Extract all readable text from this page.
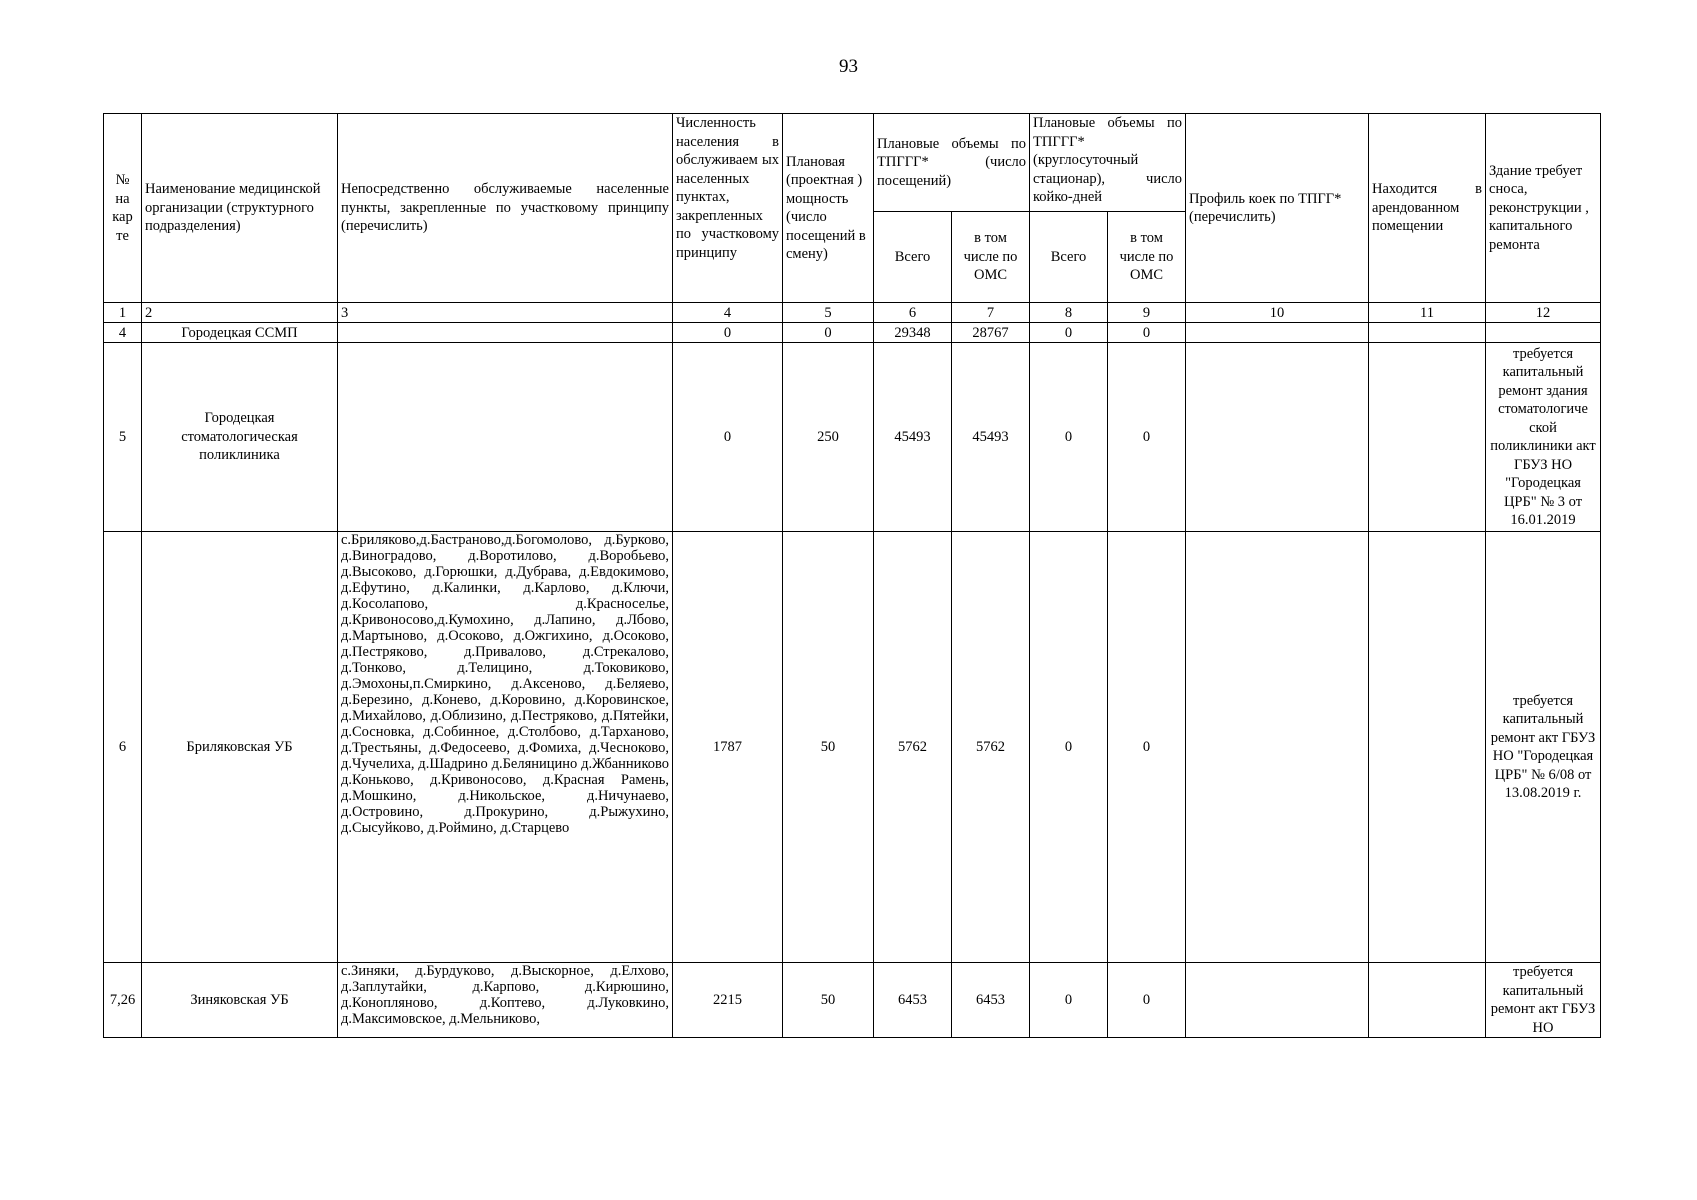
93
№ на кар те	Наименование медицинской организации (структурного подразделения)	Непосредственно обслуживаемые населенные пункты, закрепленные по участковому принципу (перечислить)	Численность населения в обслуживаем ых населенных пунктах, закрепленных по участковому принципу	Плановая (проектная ) мощность (число посещений в смену)	Плановые объемы по ТПГГГ* (число посещений)		Плановые объемы по ТПГГГ* (круглосуточный стационар), число койко-дней		Профиль коек по ТПГГ* (перечислить)	Находится в арендованном помещении	Здание требует сноса, реконструкции , капитального ремонта
					Всего	в том числе по ОМС	Всего	в том числе по ОМС			
1	2	3	4	5	6	7	8	9	10	11	12
4	Городецкая ССМП		0	0	29348	28767	0	0			
5	Городецкая стоматологическая поликлиника		0	250	45493	45493	0	0			требуется капитальный ремонт здания стоматологиче ской поликлиники акт ГБУЗ НО "Городецкая ЦРБ" № 3 от 16.01.2019
6	Бриляковская УБ	с.Бриляково,д.Бастраново,д.Богомолово, д.Бурково, д.Виноградово, д.Воротилово, д.Воробьево, д.Высоково, д.Горюшки, д.Дубрава, д.Евдокимово, д.Ефутино, д.Калинки, д.Карлово, д.Ключи, д.Косолапово, д.Красноселье, д.Кривоносово,д.Кумохино, д.Лапино, д.Лбово, д.Мартыново, д.Осоково, д.Ожгихино, д.Осоково, д.Пестряково, д.Привалово, д.Стрекалово, д.Тонково, д.Телицино, д.Токовиково, д.Эмохоны,п.Смиркино, д.Аксеново, д.Беляево, д.Березино, д.Конево, д.Коровино, д.Коровинское, д.Михайлово, д.Облизино, д.Пестряково, д.Пятейки, д.Сосновка, д.Собинное, д.Столбово, д.Тарханово, д.Трестьяны, д.Федосеево, д.Фомиха, д.Чесноково, д.Чучелиха, д.Шадрино д.Беляницино д.Жбанниково д.Коньково, д.Кривоносово, д.Красная Рамень, д.Мошкино, д.Никольское, д.Ничунаево, д.Островино, д.Прокурино, д.Рыжухино, д.Сысуйково, д.Роймино, д.Старцево	1787	50	5762	5762	0	0			требуется капитальный ремонт акт ГБУЗ НО "Городецкая ЦРБ" № 6/08 от 13.08.2019 г.
7,26	Зиняковская УБ	с.Зиняки, д.Бурдуково, д.Выскорное, д.Елхово, д.Заплутайки, д.Карпово, д.Кирюшино, д.Коноплянoво, д.Коптево, д.Луковкино, д.Максимовское, д.Мельниково,	2215	50	6453	6453	0	0			требуется капитальный ремонт акт ГБУЗ НО
